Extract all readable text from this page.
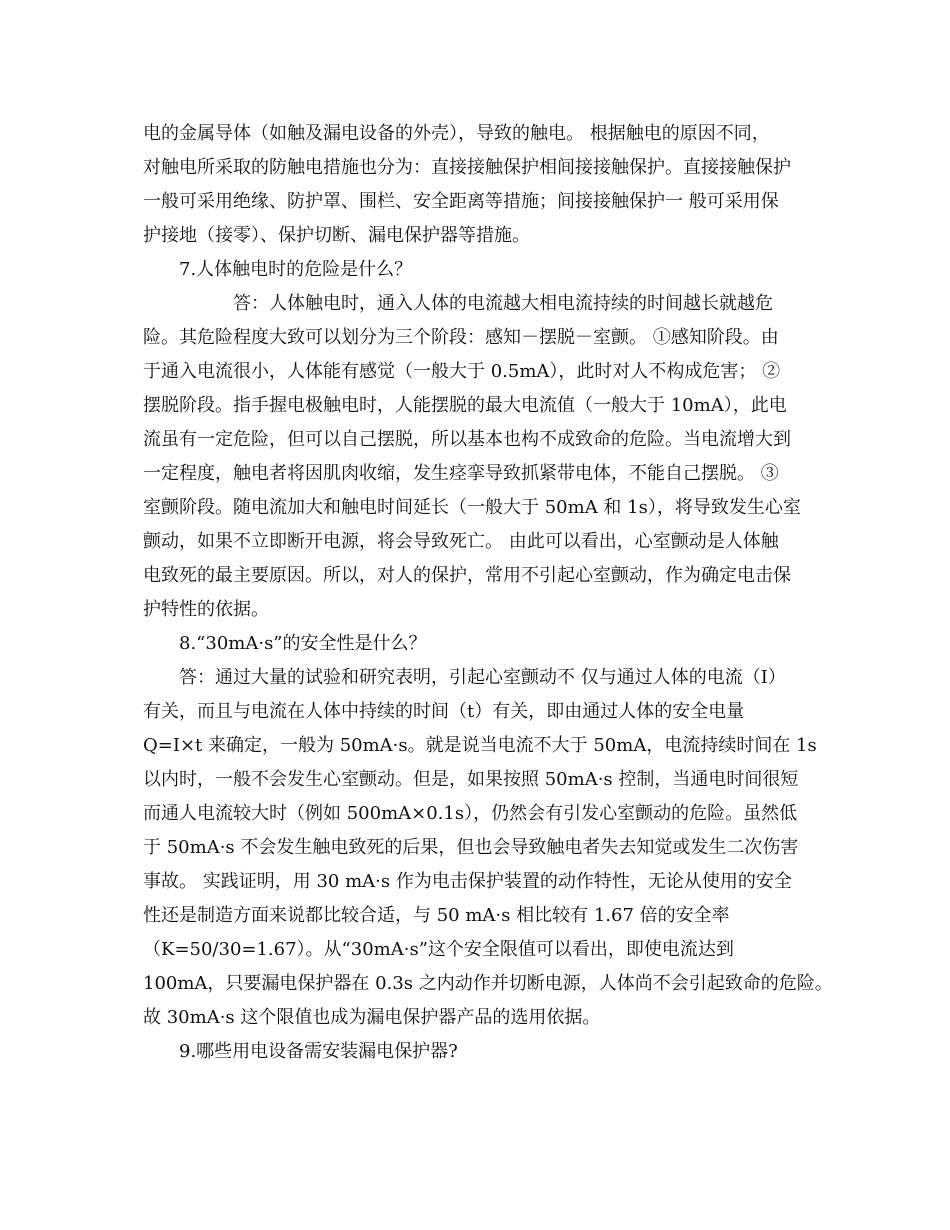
电的金属导体（如触及漏电设备的外壳），导致的触电。 根据触电的原因不同，
对触电所采取的防触电措施也分为：直接接触保护相间接接触保护。直接接触保护
一般可采用绝缘、防护罩、围栏、安全距离等措施；间接接触保护一 般可采用保
护接地（接零）、保护切断、漏电保护器等措施。
7.人体触电时的危险是什么？
答：人体触电时，通入人体的电流越大相电流持续的时间越长就越危
险。其危险程度大致可以划分为三个阶段：感知－摆脱－室颤。 ①感知阶段。由
于通入电流很小，人体能有感觉（一般大于 0.5mA），此时对人不构成危害； ②
摆脱阶段。指手握电极触电时，人能摆脱的最大电流值（一般大于 10mA），此电
流虽有一定危险，但可以自己摆脱，所以基本也构不成致命的危险。当电流增大到
一定程度，触电者将因肌肉收缩，发生痉挛导致抓紧带电体，不能自己摆脱。 ③
室颤阶段。随电流加大和触电时间延长（一般大于 50mA 和 1s），将导致发生心室
颤动，如果不立即断开电源，将会导致死亡。 由此可以看出，心室颤动是人体触
电致死的最主要原因。所以，对人的保护，常用不引起心室颤动，作为确定电击保
护特性的依据。
8.“30mA·s”的安全性是什么？
答：通过大量的试验和研究表明，引起心室颤动不 仅与通过人体的电流（I）
有关，而且与电流在人体中持续的时间（t）有关，即由通过人体的安全电量
Q=I×t 来确定，一般为 50mA·s。就是说当电流不大于 50mA，电流持续时间在 1s
以内时，一般不会发生心室颤动。但是，如果按照 50mA·s 控制，当通电时间很短
而通人电流较大时（例如 500mA×0.1s），仍然会有引发心室颤动的危险。虽然低
于 50mA·s 不会发生触电致死的后果，但也会导致触电者失去知觉或发生二次伤害
事故。 实践证明，用 30 mA·s 作为电击保护装置的动作特性，无论从使用的安全
性还是制造方面来说都比较合适，与 50 mA·s 相比较有 1.67 倍的安全率
（K=50/30=1.67）。从“30mA·s”这个安全限值可以看出，即使电流达到
100mA，只要漏电保护器在 0.3s 之内动作并切断电源，人体尚不会引起致命的危险。
故 30mA·s 这个限值也成为漏电保护器产品的选用依据。
9.哪些用电设备需安装漏电保护器?
